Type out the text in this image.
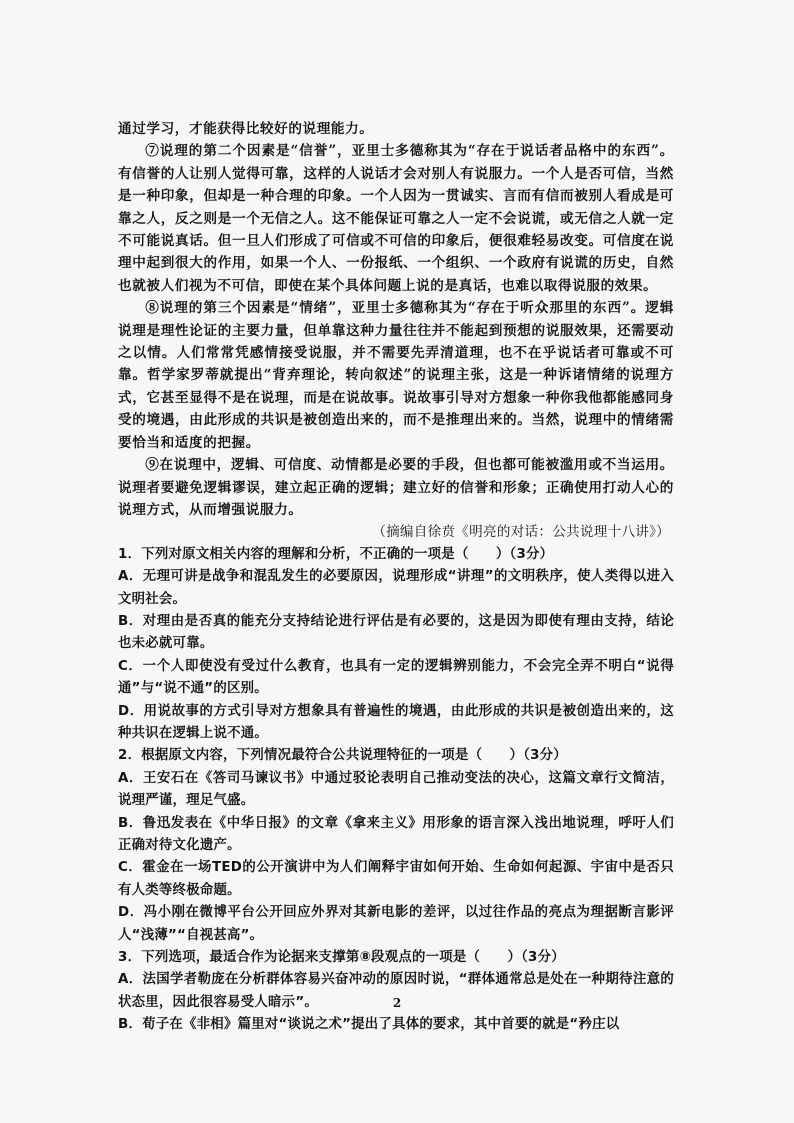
通过学习，才能获得比较好的说理能力。

⑦说理的第二个因素是“信誉”，亚里士多德称其为“存在于说话者品格中的东西”。有信誉的人让别人觉得可靠，这样的人说话才会对别人有说服力。一个人是否可信，当然是一种印象，但却是一种合理的印象。一个人因为一贯诚实、言而有信而被别人看成是可靠之人，反之则是一个无信之人。这不能保证可靠之人一定不会说谎，或无信之人就一定不可能说真话。但一旦人们形成了可信或不可信的印象后，便很难轻易改变。可信度在说理中起到很大的作用，如果一个人、一份报纸、一个组织、一个政府有说谎的历史，自然也就被人们视为不可信，即使在某个具体问题上说的是真话，也难以取得说服的效果。

⑧说理的第三个因素是“情绪”，亚里士多德称其为“存在于听众那里的东西”。逻辑说理是理性论证的主要力量，但单靠这种力量往往并不能起到预想的说服效果，还需要动之以情。人们常常凭感情接受说服，并不需要先弄清道理，也不在乎说话者可靠或不可靠。哲学家罗蒂就提出“背弃理论，转向叙述”的说理主张，这是一种诉诸情绪的说理方式，它甚至显得不是在说理，而是在说故事。说故事引导对方想象一种你我他都能感同身受的境遇，由此形成的共识是被创造出来的，而不是推理出来的。当然，说理中的情绪需要恰当和适度的把握。

⑨在说理中，逻辑、可信度、动情都是必要的手段，但也都可能被滥用或不当运用。说理者要避免逻辑谬误，建立起正确的逻辑；建立好的信誉和形象；正确使用打动人心的说理方式，从而增强说服力。

（摘编自徐贲《明亮的对话：公共说理十八讲》）

1．下列对原文相关内容的理解和分析，不正确的一项是（　　）（3分）

A．无理可讲是战争和混乱发生的必要原因，说理形成“讲理”的文明秩序，使人类得以进入文明社会。

B．对理由是否真的能充分支持结论进行评估是有必要的，这是因为即使有理由支持，结论也未必就可靠。

C．一个人即使没有受过什么教育，也具有一定的逻辑辨别能力，不会完全弄不明白“说得通”与“说不通”的区别。

D．用说故事的方式引导对方想象具有普遍性的境遇，由此形成的共识是被创造出来的，这种共识在逻辑上说不通。

2．根据原文内容，下列情况最符合公共说理特征的一项是（　　）（3分）

A．王安石在《答司马谏议书》中通过驳论表明自己推动变法的决心，这篇文章行文简洁，说理严谨，理足气盛。

B．鲁迅发表在《中华日报》的文章《拿来主义》用形象的语言深入浅出地说理，呼吁人们正确对待文化遗产。

C．霍金在一场TED的公开演讲中为人们阐释宇宙如何开始、生命如何起源、宇宙中是否只有人类等终极命题。

D．冯小刚在微博平台公开回应外界对其新电影的差评，以过往作品的亮点为理据断言影评人“浅薄”“自视甚高”。

3．下列选项，最适合作为论据来支撑第⑧段观点的一项是（　　）（3分）

A．法国学者勒庞在分析群体容易兴奋冲动的原因时说，“群体通常总是处在一种期待注意的状态里，因此很容易受人暗示”。

B．荀子在《非相》篇里对“谈说之术”提出了具体的要求，其中首要的就是“矜庄以

2
